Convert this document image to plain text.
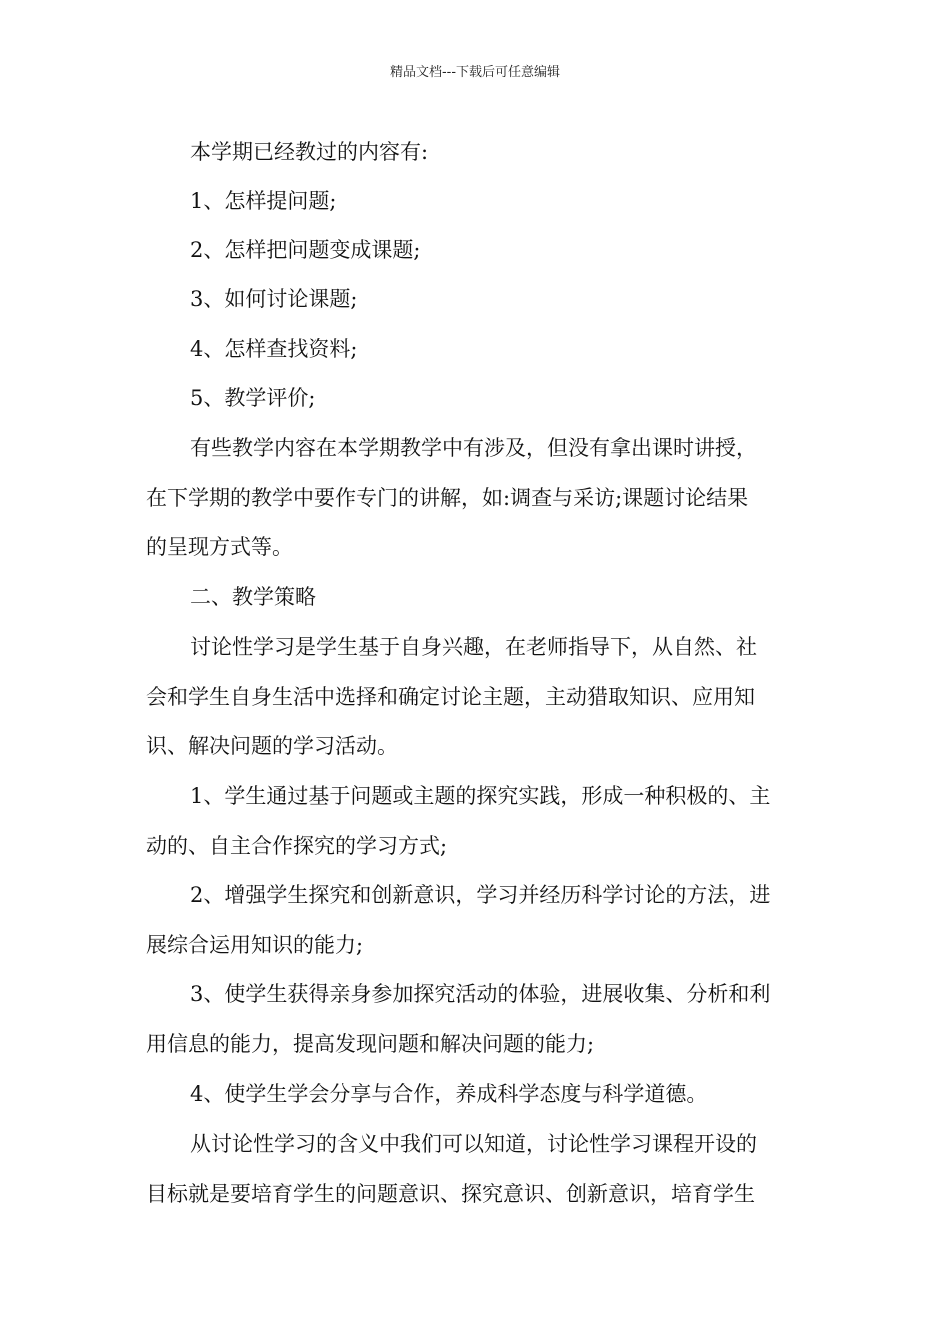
精品文档---下载后可任意编辑
本学期已经教过的内容有:
1、怎样提问题;
2、怎样把问题变成课题;
3、如何讨论课题;
4、怎样查找资料;
5、教学评价;
有些教学内容在本学期教学中有涉及，但没有拿出课时讲授，
在下学期的教学中要作专门的讲解，如:调查与采访;课题讨论结果
的呈现方式等。
二、教学策略
讨论性学习是学生基于自身兴趣，在老师指导下，从自然、社
会和学生自身生活中选择和确定讨论主题，主动猎取知识、应用知
识、解决问题的学习活动。
1、学生通过基于问题或主题的探究实践，形成一种积极的、主
动的、自主合作探究的学习方式;
2、增强学生探究和创新意识，学习并经历科学讨论的方法，进
展综合运用知识的能力;
3、使学生获得亲身参加探究活动的体验，进展收集、分析和利
用信息的能力，提高发现问题和解决问题的能力;
4、使学生学会分享与合作，养成科学态度与科学道德。
从讨论性学习的含义中我们可以知道，讨论性学习课程开设的
目标就是要培育学生的问题意识、探究意识、创新意识，培育学生
